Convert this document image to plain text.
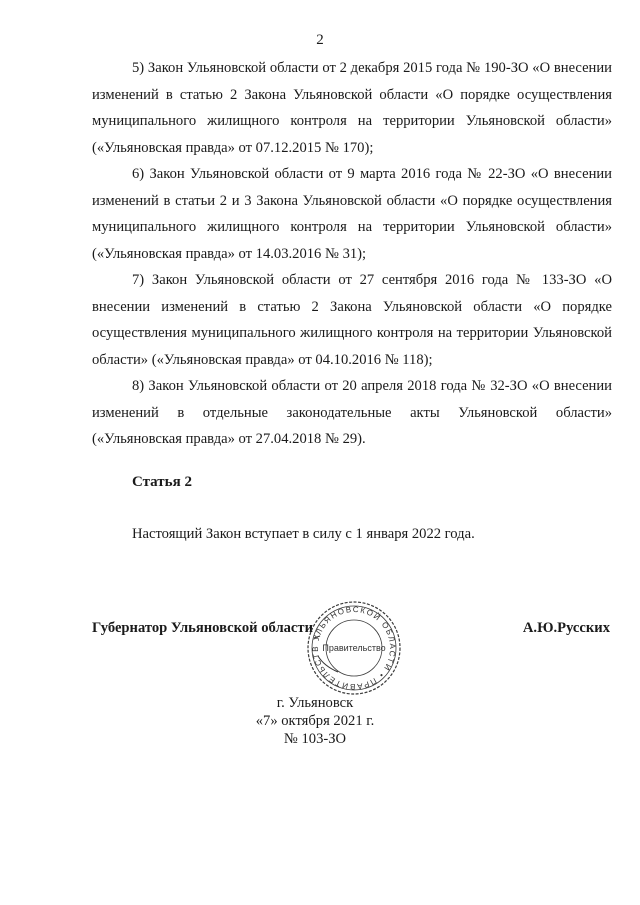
2

5) Закон Ульяновской области от 2 декабря 2015 года № 190-ЗО «О внесении изменений в статью 2 Закона Ульяновской области «О порядке осуществления муниципального жилищного контроля на территории Ульяновской области» («Ульяновская правда» от 07.12.2015 № 170);

6) Закон Ульяновской области от 9 марта 2016 года № 22-ЗО «О внесении изменений в статьи 2 и 3 Закона Ульяновской области «О порядке осуществления муниципального жилищного контроля на территории Ульяновской области» («Ульяновская правда» от 14.03.2016 № 31);

7) Закон Ульяновской области от 27 сентября 2016 года № 133-ЗО «О внесении изменений в статью 2 Закона Ульяновской области «О порядке осуществления муниципального жилищного контроля на территории Ульяновской области» («Ульяновская правда» от 04.10.2016 № 118);

8) Закон Ульяновской области от 20 апреля 2018 года № 32-ЗО «О внесении изменений в отдельные законодательные акты Ульяновской области» («Ульяновская правда» от 27.04.2018 № 29).

Статья 2
Настоящий Закон вступает в силу с 1 января 2022 года.
Губернатор Ульяновской области	А.Ю.Русских
УЛЬЯНОВСКОЙ ОБЛАСТИ • ПРАВИТЕЛЬСТВ Правительство
г. Ульяновск
«7» октября 2021 г.
№ 103-ЗО
